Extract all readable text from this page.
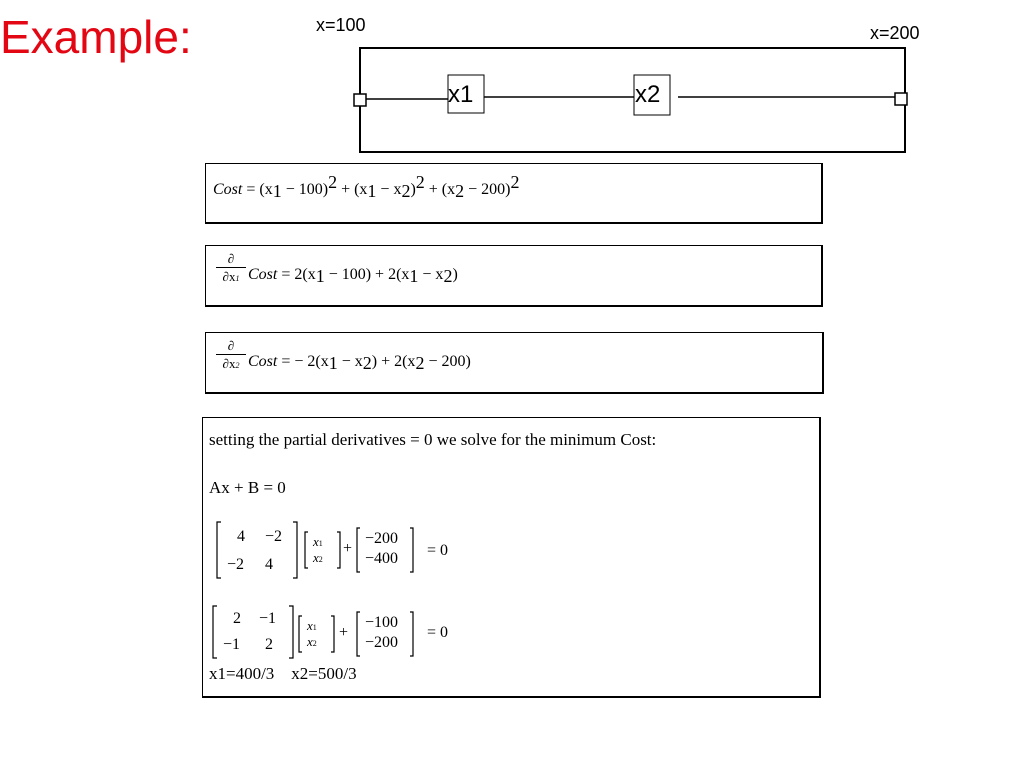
Example:	x=100	x=200
x1	x2
Cost = (x1 − 100)2 + (x1 − x2)2 + (x2 − 200)2
∂
∂x1 Cost = 2(x1 − 100) + 2(x1 − x2)
∂
∂x2 Cost = − 2(x1 − x2) + 2(x2 − 200)
setting the partial derivatives = 0 we solve for the minimum Cost:
Ax + B = 0
4 −2
−2 4
x1
x2
+
−200
−400 = 0
2 −1
−1 2
x1
x2
+
−100
−200
= 0
x1=400/3    x2=500/3
